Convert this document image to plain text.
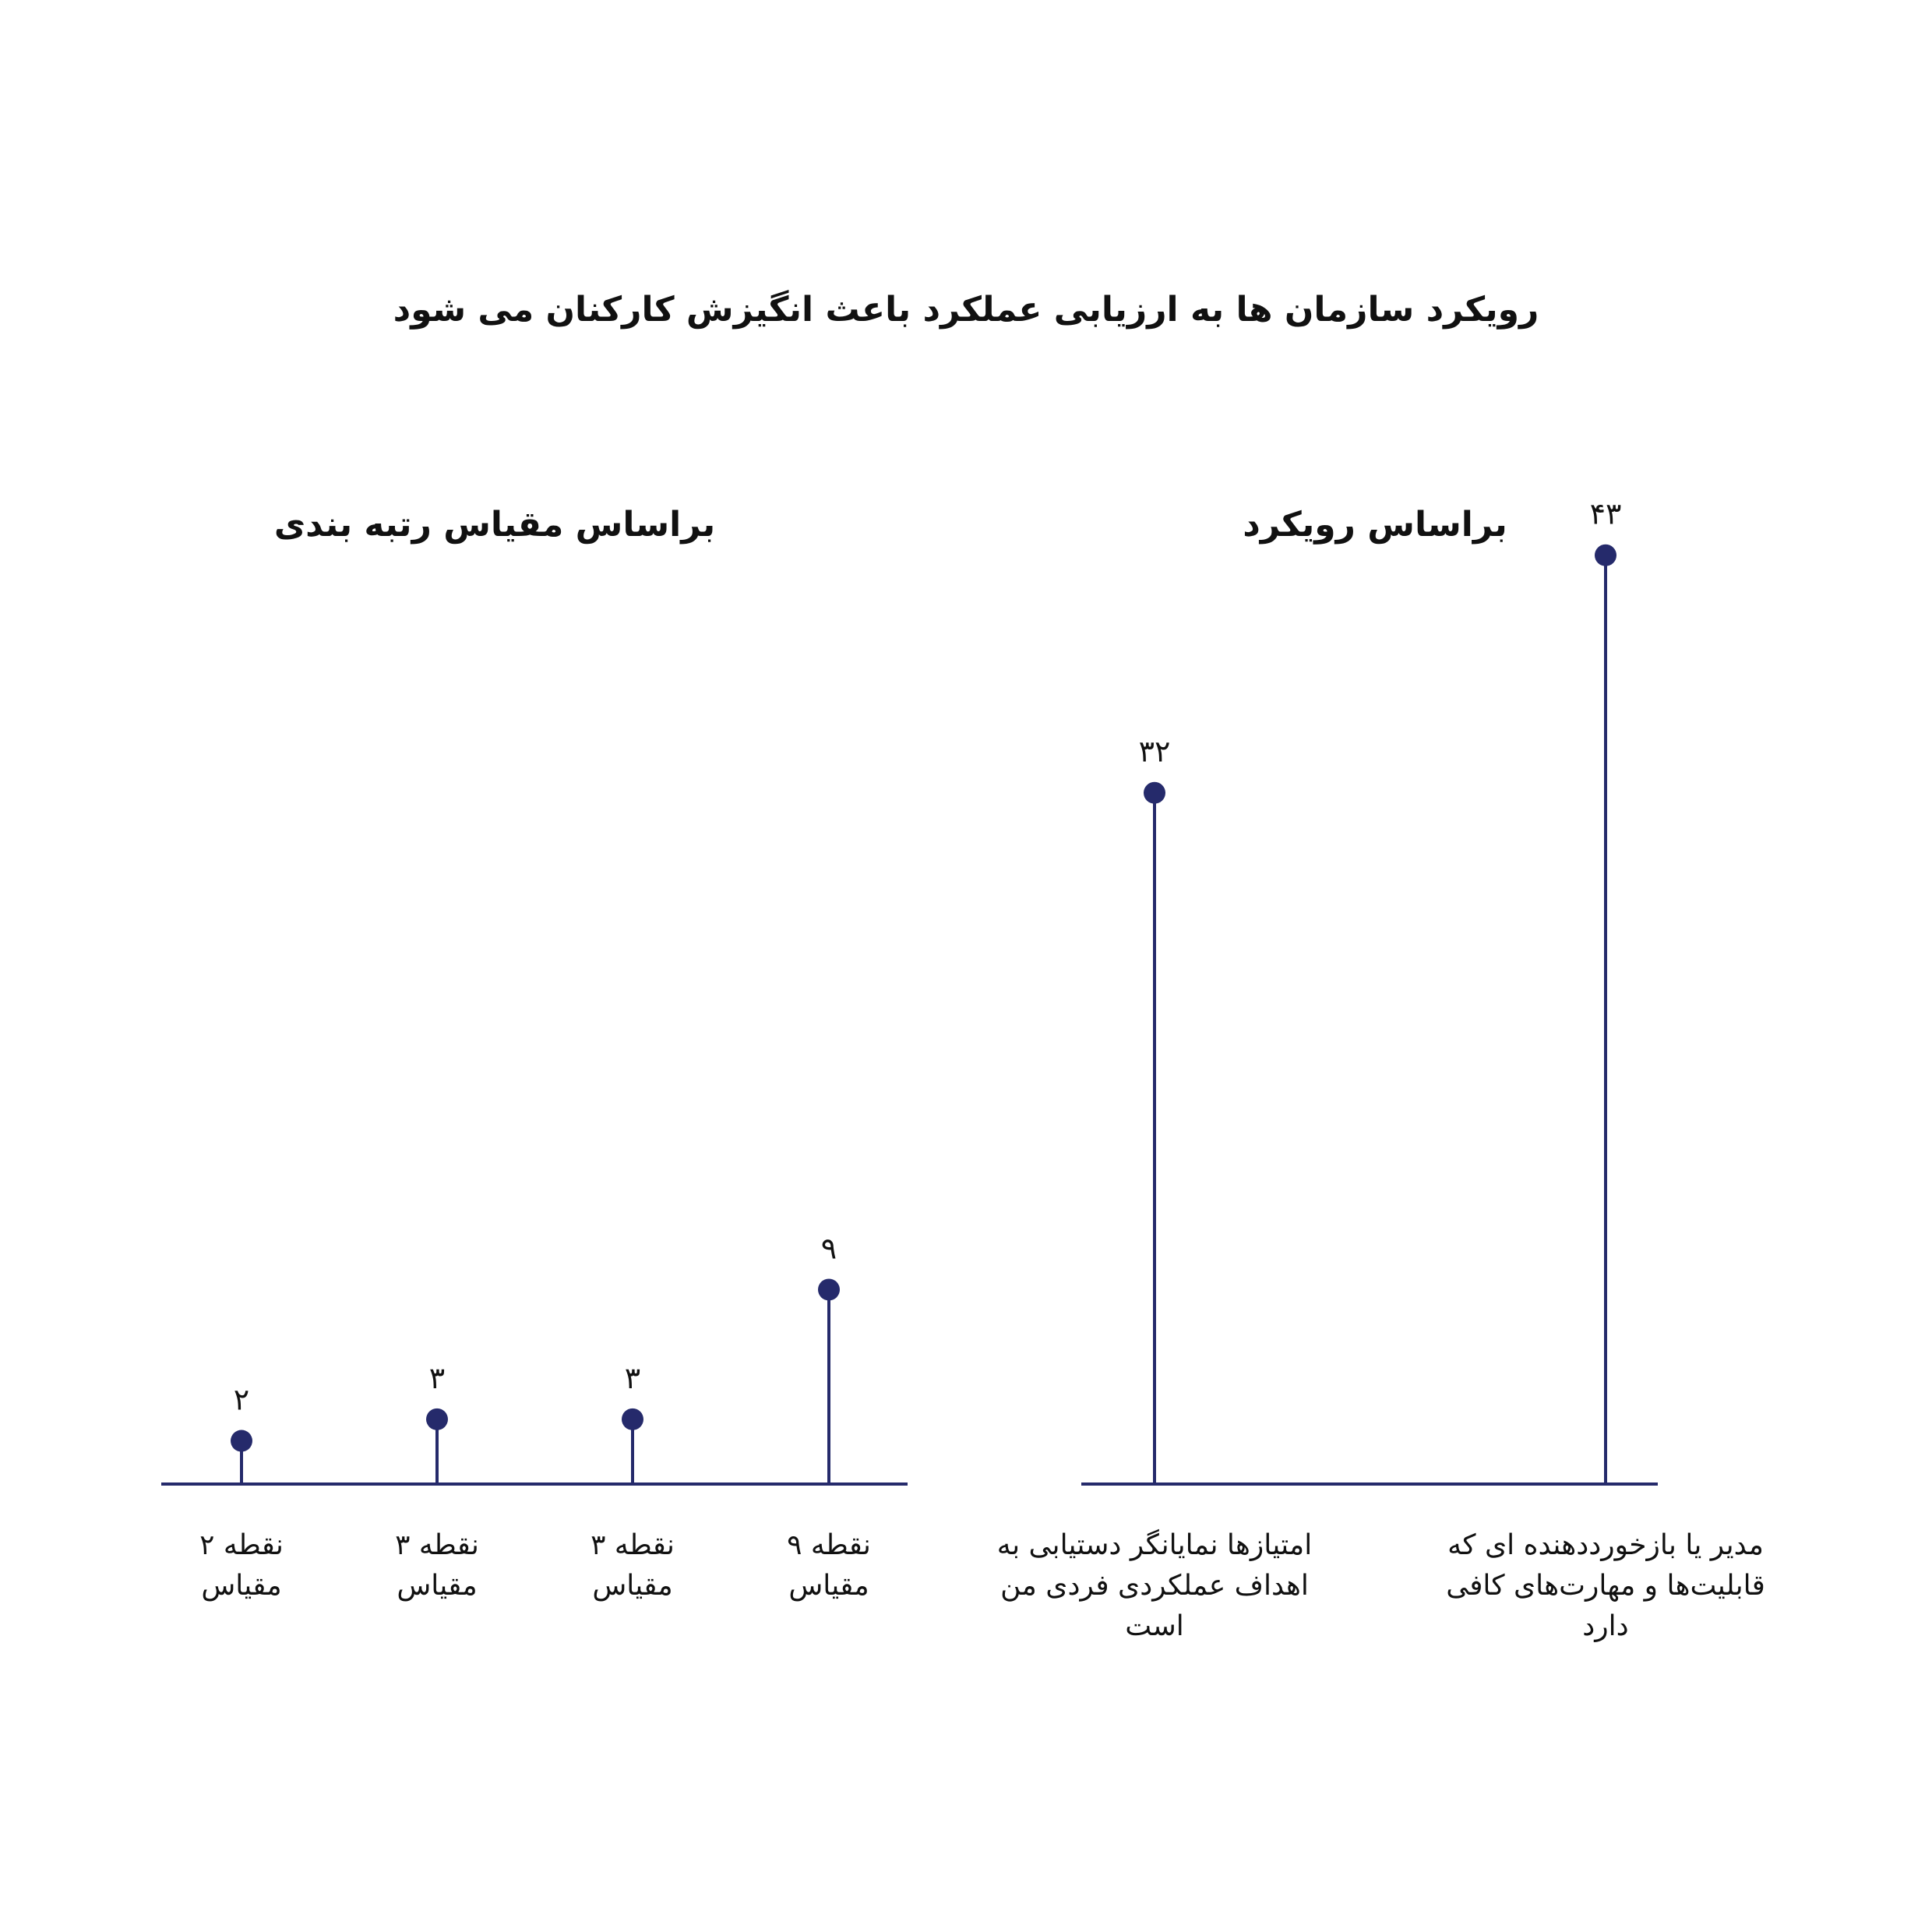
رویکرد سازمان ها به ارزیابی عملکرد باعث انگیزش کارکنان می شود
براساس مقیاس رتبه بندی
۲
نقطه ۲
مقیاس
۳
نقطه ۳
مقیاس
۳
نقطه ۳
مقیاس
۹
نقطه ۹
مقیاس
براساس رویکرد
۳۲
امتیازها نمایانگر دستیابی به
اهداف عملکردی فردی من
است
۴۳
مدیر یا بازخورددهنده ای که
قابلیت‌ها و مهارت‌های کافی
دارد
